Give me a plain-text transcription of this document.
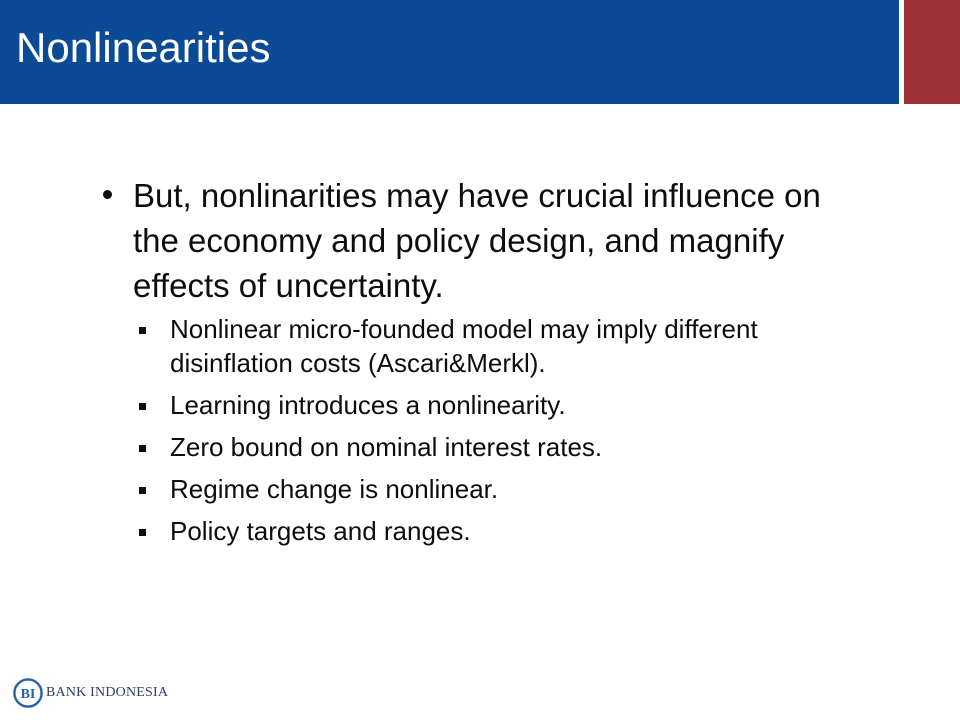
Nonlinearities

But, nonlinarities may have crucial influence on the economy and policy design, and magnify effects of uncertainty.

Nonlinear micro-founded model may imply different disinflation costs (Ascari&Merkl).
Learning introduces a nonlinearity.
Zero bound on nominal interest rates.
Regime change is nonlinear.
Policy targets and ranges.
BI BANK INDONESIA
